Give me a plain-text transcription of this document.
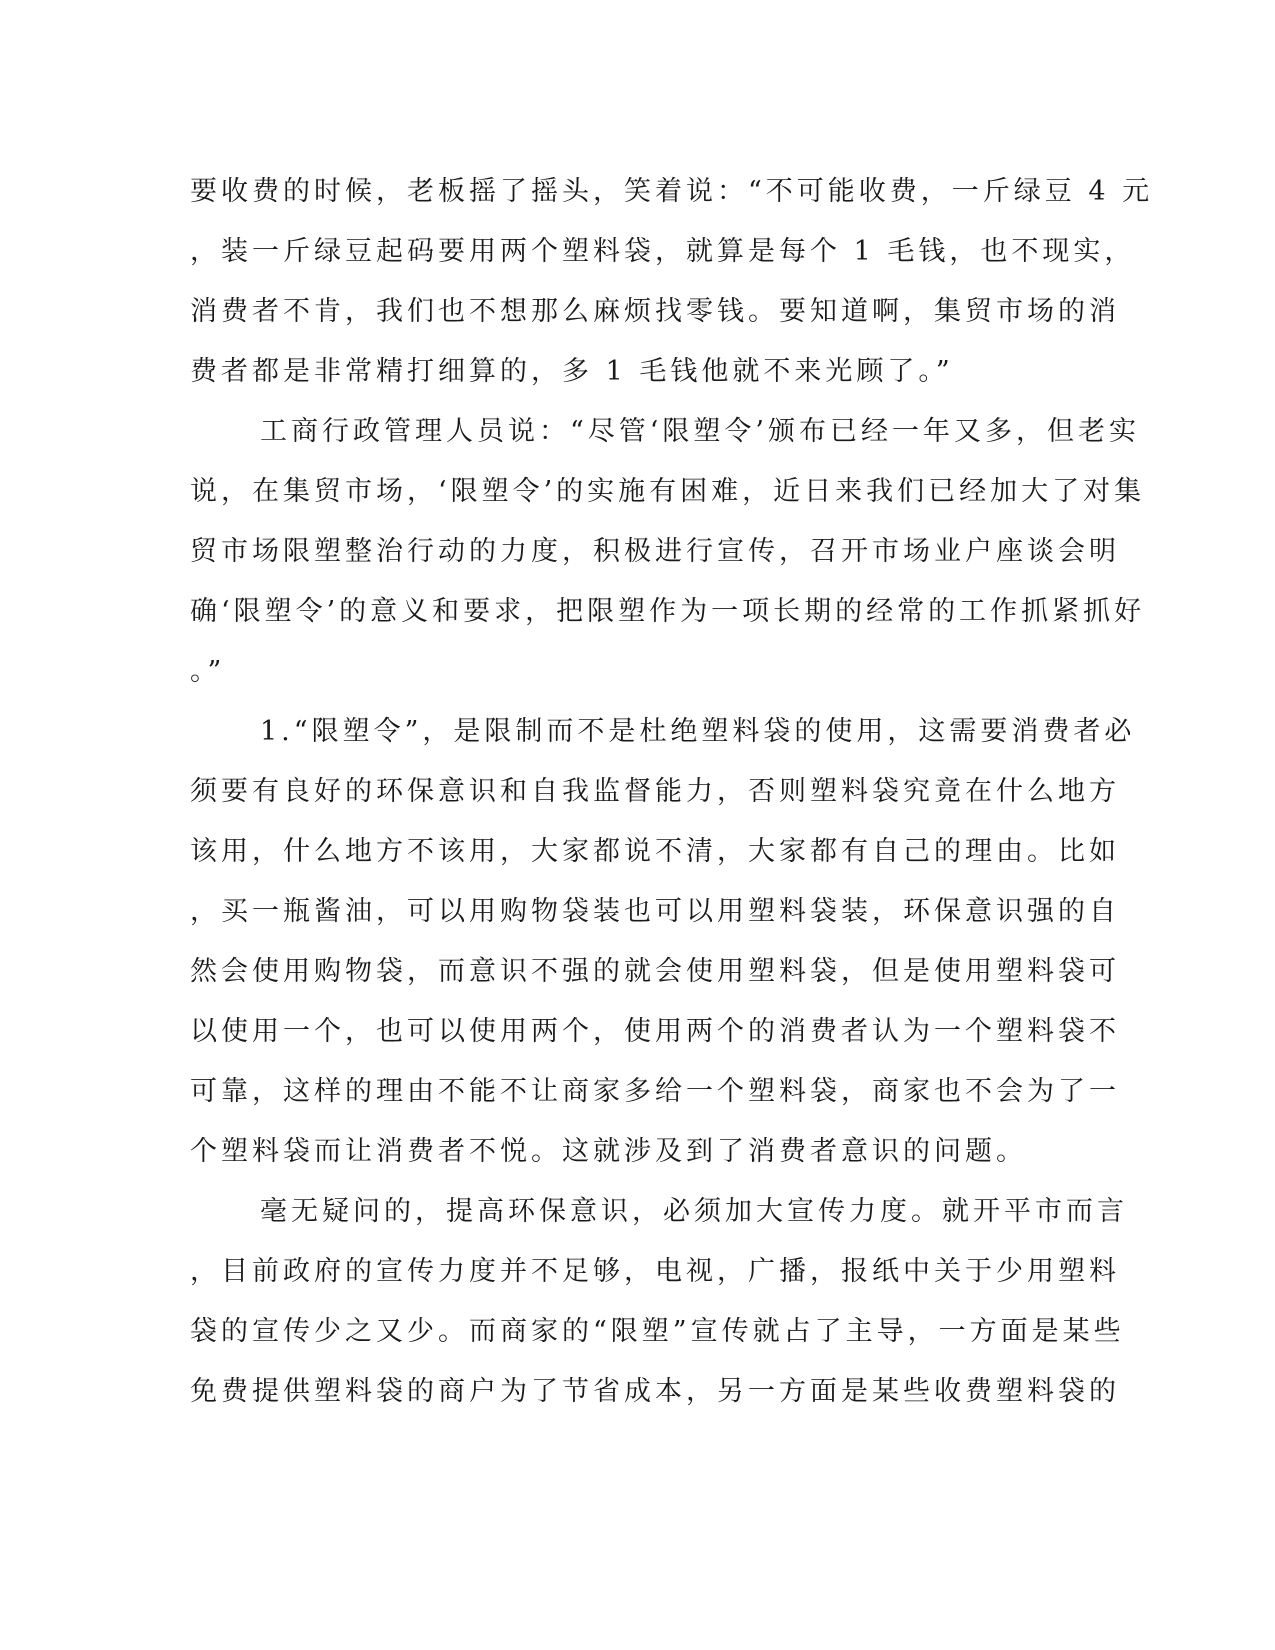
要收费的时候，老板摇了摇头，笑着说：“不可能收费，一斤绿豆 4 元
，装一斤绿豆起码要用两个塑料袋，就算是每个 1 毛钱，也不现实，
消费者不肯，我们也不想那么麻烦找零钱。要知道啊，集贸市场的消
费者都是非常精打细算的，多 1 毛钱他就不来光顾了。”
工商行政管理人员说：“尽管‘限塑令’颁布已经一年又多，但老实
说，在集贸市场，‘限塑令’的实施有困难，近日来我们已经加大了对集
贸市场限塑整治行动的力度，积极进行宣传，召开市场业户座谈会明
确‘限塑令’的意义和要求，把限塑作为一项长期的经常的工作抓紧抓好
。”
1.“限塑令”，是限制而不是杜绝塑料袋的使用，这需要消费者必
须要有良好的环保意识和自我监督能力，否则塑料袋究竟在什么地方
该用，什么地方不该用，大家都说不清，大家都有自己的理由。比如
，买一瓶酱油，可以用购物袋装也可以用塑料袋装，环保意识强的自
然会使用购物袋，而意识不强的就会使用塑料袋，但是使用塑料袋可
以使用一个，也可以使用两个，使用两个的消费者认为一个塑料袋不
可靠，这样的理由不能不让商家多给一个塑料袋，商家也不会为了一
个塑料袋而让消费者不悦。这就涉及到了消费者意识的问题。
毫无疑问的，提高环保意识，必须加大宣传力度。就开平市而言
，目前政府的宣传力度并不足够，电视，广播，报纸中关于少用塑料
袋的宣传少之又少。而商家的“限塑”宣传就占了主导，一方面是某些
免费提供塑料袋的商户为了节省成本，另一方面是某些收费塑料袋的
